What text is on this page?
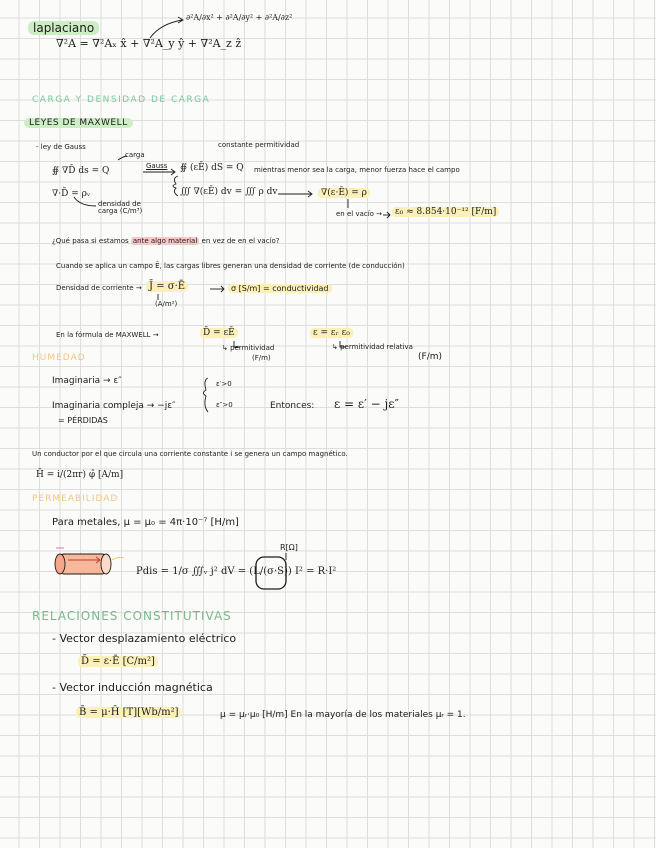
laplaciano
∇²A = ∇²Aₓ x̂ + ∇²A_y ŷ + ∇²A_z ẑ
∂²A/∂x² + ∂²A/∂y² + ∂²A/∂z²
CARGA Y DENSIDAD DE CARGA
LEYES DE MAXWELL
- ley de Gauss
∯ ∇D̄ ds = Q
carga
Gauss
constante permitividad
∯ (εĒ) dS = Q mientras menor sea la carga, menor fuerza hace el campo
∭ ∇(εĒ) dv = ∭ ρ dv	∇(ε·Ē) = ρ
∇·D̄ = ρᵥ
densidad de carga (C/m³)	en el vacío →	ε₀ ≈ 8.854·10⁻¹² [F/m]
¿Qué pasa si estamos ante algo material en vez de en el vacío?
Cuando se aplica un campo Ē, las cargas libres generan una densidad de corriente (de conducción)
Densidad de corriente → J̄ = σ·Ē
(A/m²)
σ [S/m] = conductividad
En la fórmula de MAXWELL →	D̄ = εĒ	ε = εᵣ ε₀
↳ permitividad
(F/m)
↳ permitividad relativa
(F/m)
HUMEDAD
Imaginaria → ε″
Imaginaria compleja → −jε″
= PÉRDIDAS
ε′>0
ε″>0	Entonces: ε = ε′ − jε″
Un conductor por el que circula una corriente constante i se genera un campo magnético.
H̄ = i/(2πr) φ̂ [A/m]
PERMEABILIDAD
Para metales, μ = μ₀ = 4π·10⁻⁷ [H/m]
Pdis = 1/σ ∭ᵥ j² dV = (L/(σ·S)) I² = R·I²
R[Ω]
RELACIONES CONSTITUTIVAS
- Vector desplazamiento eléctrico
D̄ = ε·Ē [C/m²]
- Vector inducción magnética
B̄ = μ·H̄ [T][Wb/m²]	μ = μᵣ·μ₀ [H/m] En la mayoría de los materiales μᵣ = 1.
